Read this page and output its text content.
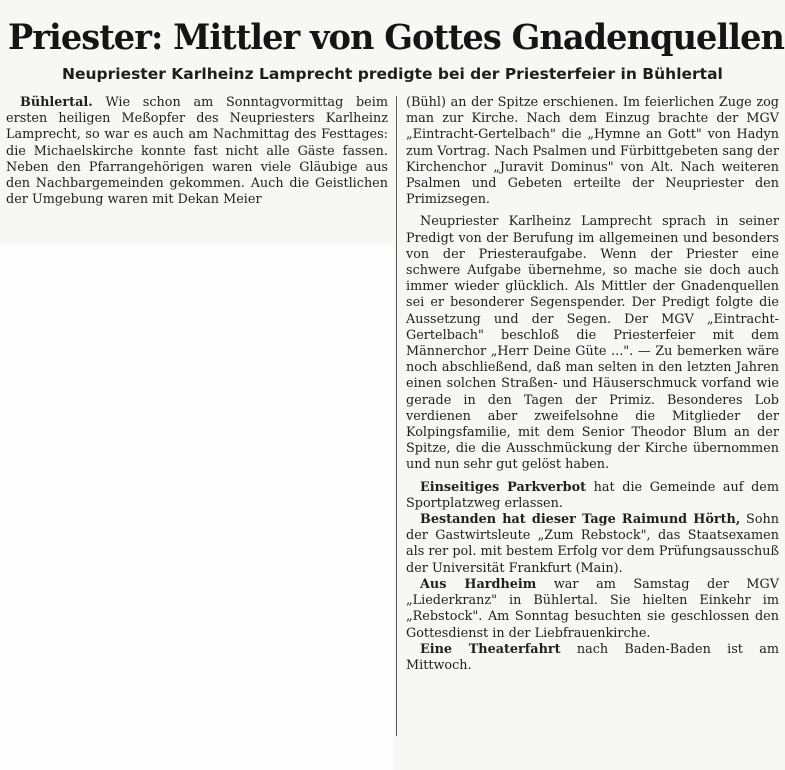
Priester: Mittler von Gottes Gnadenquellen
Neupriester Karlheinz Lamprecht predigte bei der Priesterfeier in Bühlertal

Bühlertal. Wie schon am Sonntagvormittag beim ersten heiligen Meßopfer des Neupriesters Karlheinz Lamprecht, so war es auch am Nachmittag des Festtages: die Michaelskirche konnte fast nicht alle Gäste fassen. Neben den Pfarrangehörigen waren viele Gläubige aus den Nachbargemeinden gekommen. Auch die Geistlichen der Umgebung waren mit Dekan Meier

(Bühl) an der Spitze erschienen. Im feierlichen Zuge zog man zur Kirche. Nach dem Einzug brachte der MGV „Eintracht-Gertelbach" die „Hymne an Gott" von Hadyn zum Vortrag. Nach Psalmen und Fürbittgebeten sang der Kirchenchor „Juravit Dominus" von Alt. Nach weiteren Psalmen und Gebeten erteilte der Neupriester den Primizsegen.

Neupriester Karlheinz Lamprecht sprach in seiner Predigt von der Berufung im allgemeinen und besonders von der Priesteraufgabe. Wenn der Priester eine schwere Aufgabe übernehme, so mache sie doch auch immer wieder glücklich. Als Mittler der Gnadenquellen sei er besonderer Segenspender. Der Predigt folgte die Aussetzung und der Segen. Der MGV „Eintracht-Gertelbach" beschloß die Priesterfeier mit dem Männerchor „Herr Deine Güte ...". — Zu bemerken wäre noch abschließend, daß man selten in den letzten Jahren einen solchen Straßen- und Häuserschmuck vorfand wie gerade in den Tagen der Primiz. Besonderes Lob verdienen aber zweifelsohne die Mitglieder der Kolpingsfamilie, mit dem Senior Theodor Blum an der Spitze, die die Ausschmückung der Kirche übernommen und nun sehr gut gelöst haben.

Einseitiges Parkverbot hat die Gemeinde auf dem Sportplatzweg erlassen.

Bestanden hat dieser Tage Raimund Hörth, Sohn der Gastwirtsleute „Zum Rebstock", das Staatsexamen als rer pol. mit bestem Erfolg vor dem Prüfungsausschuß der Universität Frankfurt (Main).

Aus Hardheim war am Samstag der MGV „Liederkranz" in Bühlertal. Sie hielten Einkehr im „Rebstock". Am Sonntag besuchten sie geschlossen den Gottesdienst in der Liebfrauenkirche.

Eine Theaterfahrt nach Baden-Baden ist am Mittwoch.
